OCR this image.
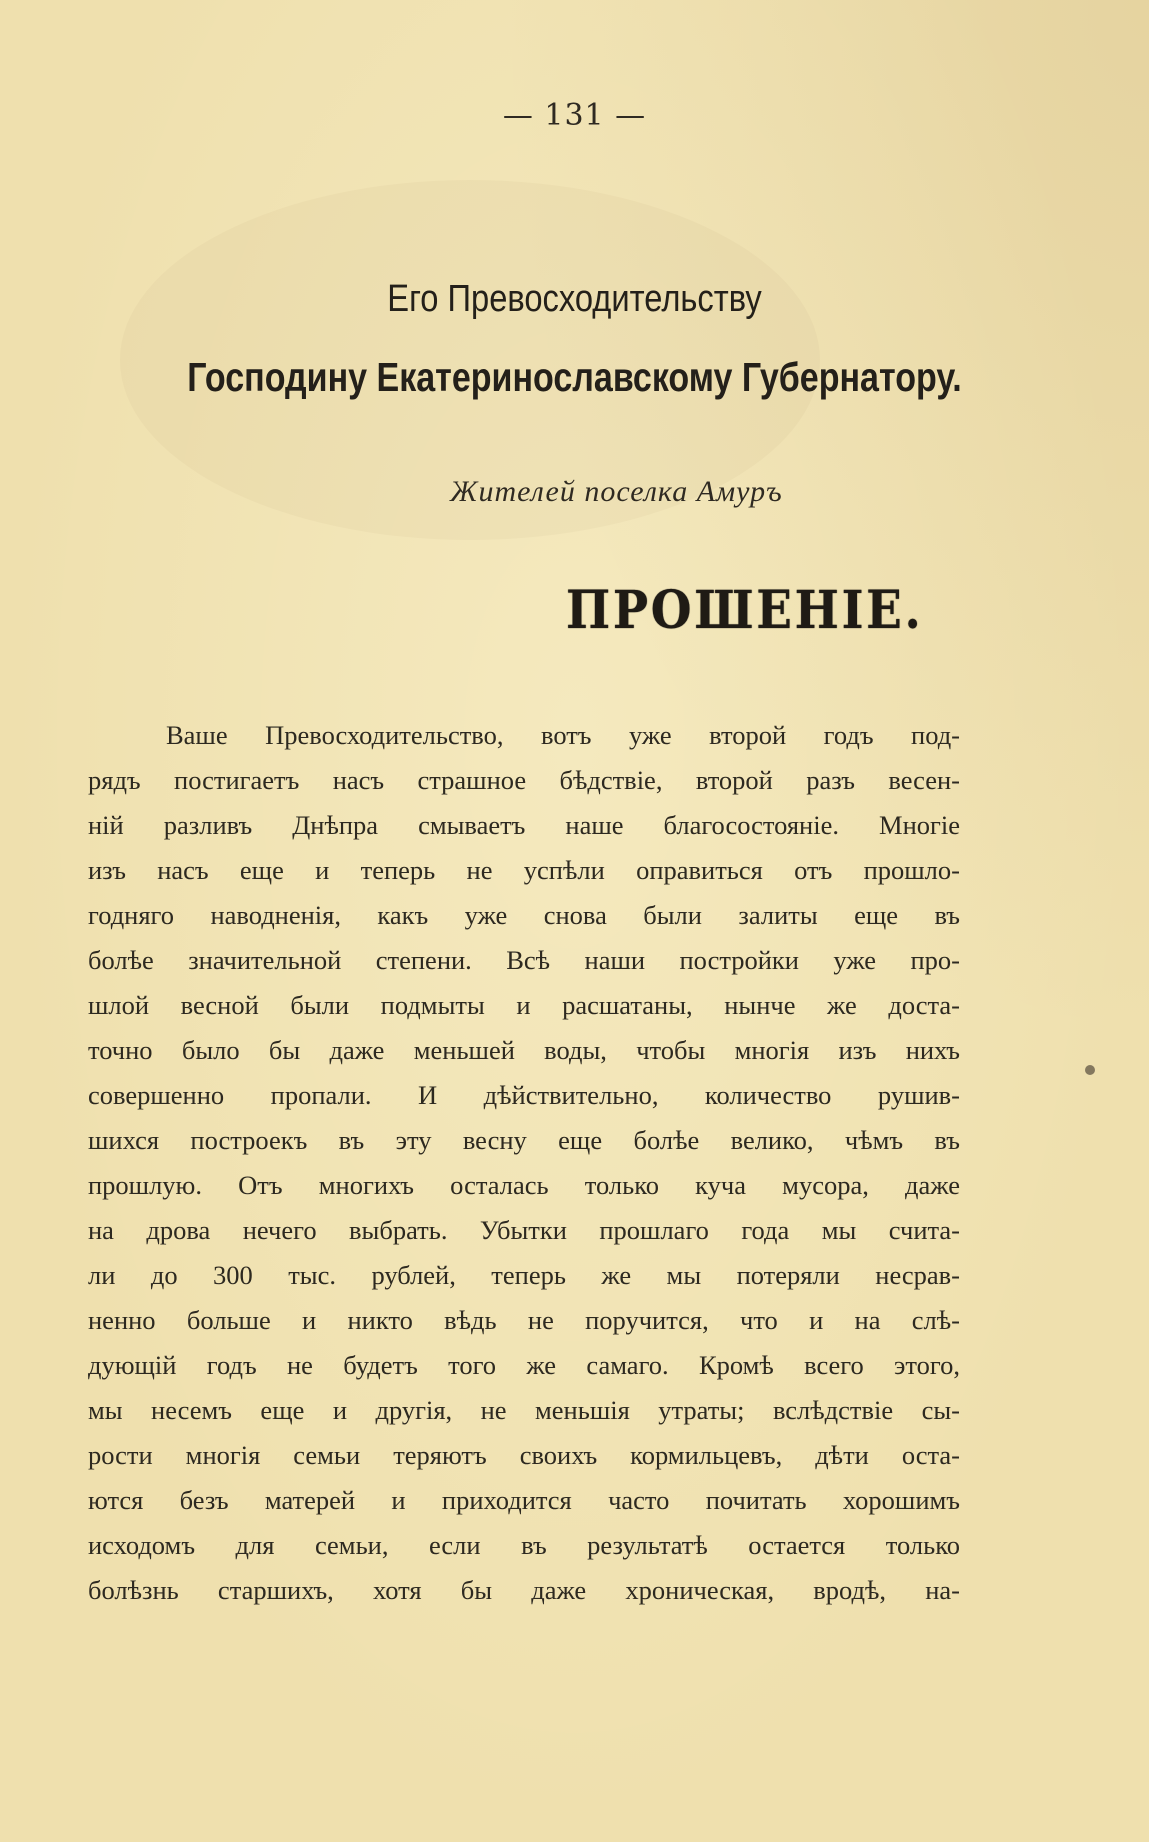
— 131 —
Его Превосходительству
Господину Екатеринославскому Губернатору.
Жителей поселка Амуръ
ПРОШЕНІЕ.
Ваше Превосходительство, вотъ уже второй годъ под-
рядъ постигаетъ насъ страшное бѣдствіе, второй разъ весен-
ній разливъ Днѣпра смываетъ наше благосостояніе. Многіе
изъ насъ еще и теперь не успѣли оправиться отъ прошло-
годняго наводненія, какъ уже снова были залиты еще въ
болѣе значительной степени. Всѣ наши постройки уже про-
шлой весной были подмыты и расшатаны, нынче же доста-
точно было бы даже меньшей воды, чтобы многія изъ нихъ
совершенно пропали. И дѣйствительно, количество рушив-
шихся построекъ въ эту весну еще болѣе велико, чѣмъ въ
прошлую. Отъ многихъ осталась только куча мусора, даже
на дрова нечего выбрать. Убытки прошлаго года мы счита-
ли до 300 тыс. рублей, теперь же мы потеряли несрав-
ненно больше и никто вѣдь не поручится, что и на слѣ-
дующій годъ не будетъ того же самаго. Кромѣ всего этого,
мы несемъ еще и другія, не меньшія утраты; вслѣдствіе сы-
рости многія семьи теряютъ своихъ кормильцевъ, дѣти оста-
ются безъ матерей и приходится часто почитать хорошимъ
исходомъ для семьи, если въ результатѣ остается только
болѣзнь старшихъ, хотя бы даже хроническая, вродѣ, на-
